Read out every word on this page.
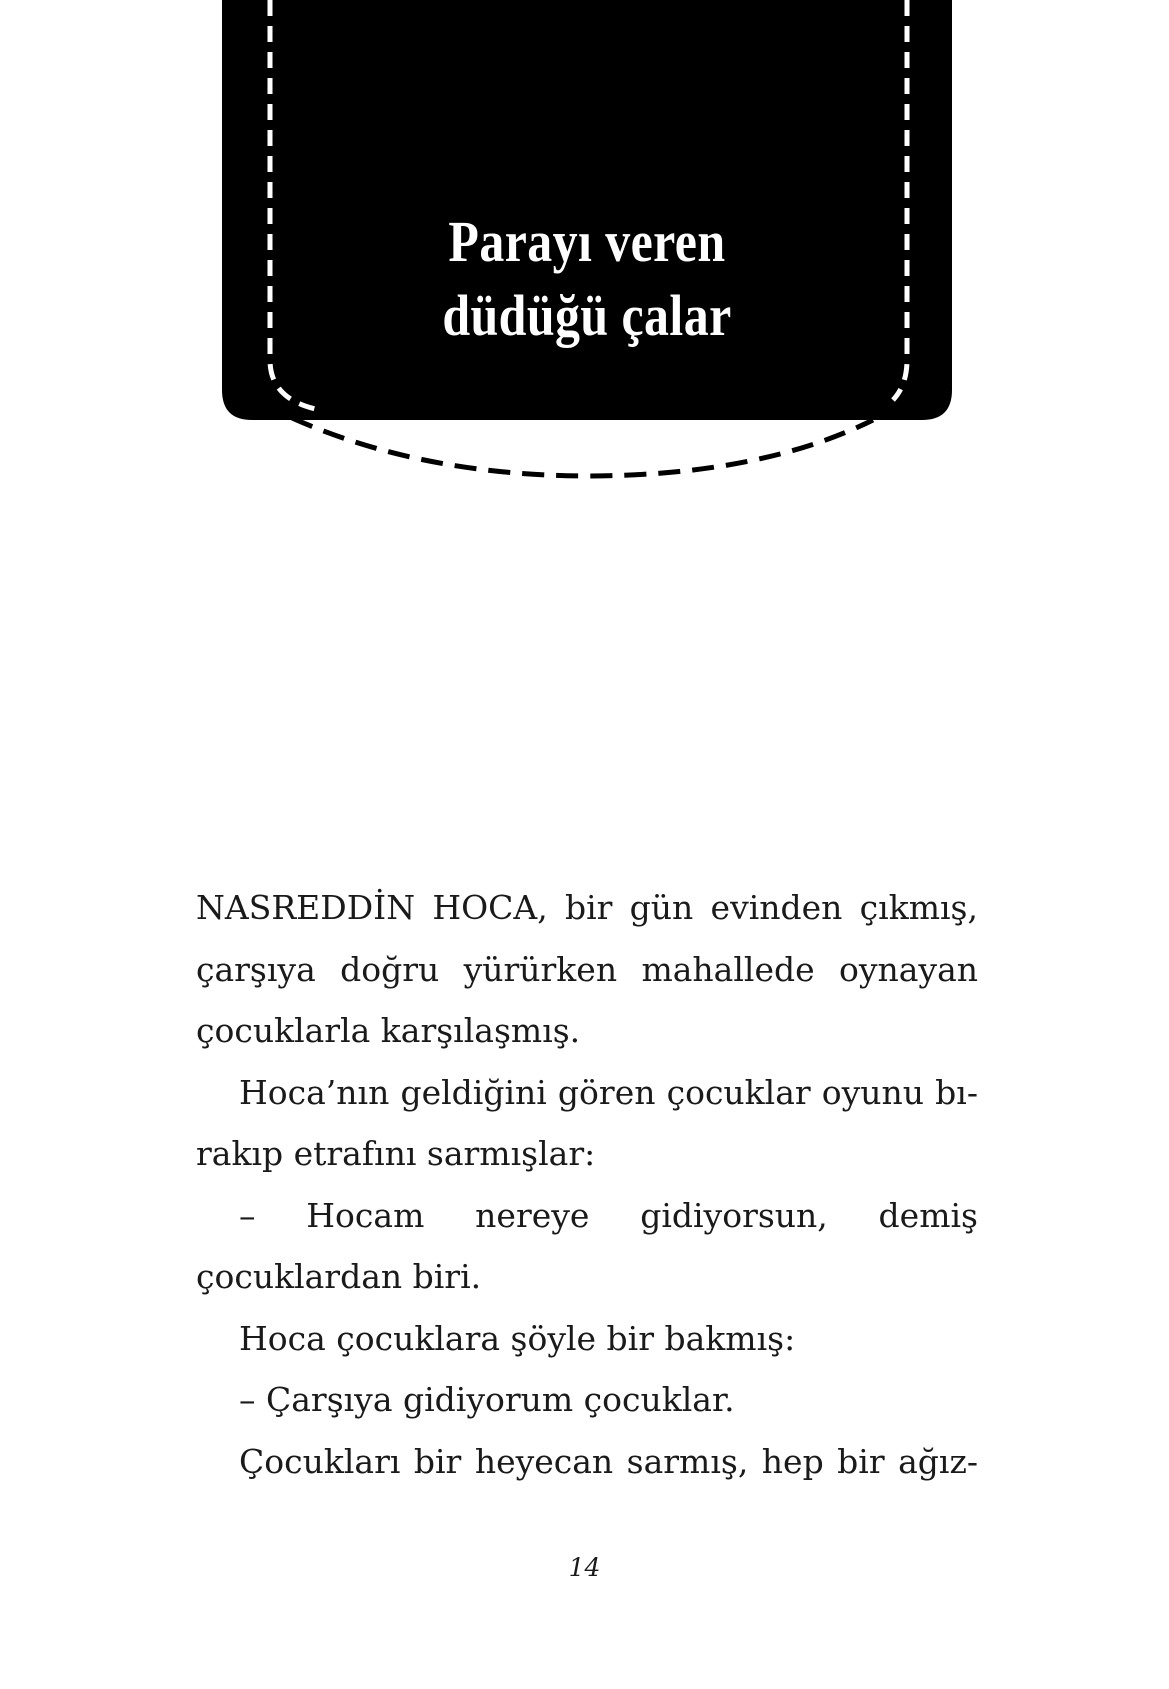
Parayı veren
düdüğü çalar

NASREDDİN HOCA, bir gün evinden çıkmış, çarşıya doğru yürürken mahallede oynayan çocuklarla karşılaşmış.

Hoca’nın geldiğini gören çocuklar oyunu bırakıp etrafını sarmışlar:

– Hocam nereye gidiyorsun, demiş çocuklardan biri.

Hoca çocuklara şöyle bir bakmış:

– Çarşıya gidiyorum çocuklar.

Çocukları bir heyecan sarmış, hep bir ağız-

14
